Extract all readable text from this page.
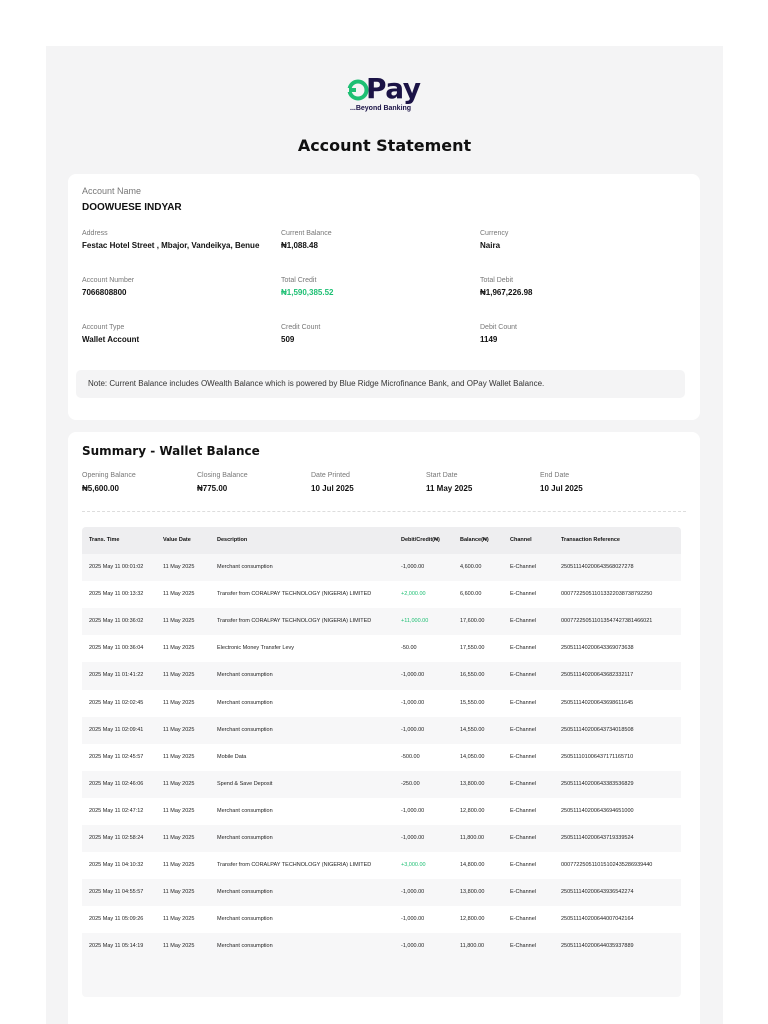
Pay
...Beyond Banking
Account Statement
Account Name
DOOWUESE INDYAR
Address
Festac Hotel Street , Mbajor, Vandeikya, Benue
Current Balance
₦1,088.48
Currency
Naira
Account Number
7066808800
Total Credit
₦1,590,385.52
Total Debit
₦1,967,226.98
Account Type
Wallet Account
Credit Count
509
Debit Count
1149
Note: Current Balance includes OWealth Balance which is powered by Blue Ridge Microfinance Bank, and OPay Wallet Balance.
Summary - Wallet Balance
Opening Balance
₦5,600.00
Closing Balance
₦775.00
Date Printed
10 Jul 2025
Start Date
11 May 2025
End Date
10 Jul 2025
Trans. Time	Value Date	Description	Debit/Credit(₦)	Balance(₦)	Channel	Transaction Reference
2025 May 11 00:01:02	11 May 2025	Merchant consumption	-1,000.00	4,600.00	E-Channel	250511140200643568027278
2025 May 11 00:13:32	11 May 2025	Transfer from CORALPAY TECHNOLOGY (NIGERIA) LIMITED	+2,000.00	6,600.00	E-Channel	000772250511013322038738792250
2025 May 11 00:36:02	11 May 2025	Transfer from CORALPAY TECHNOLOGY (NIGERIA) LIMITED	+11,000.00	17,600.00	E-Channel	000772250511013547427381466021
2025 May 11 00:36:04	11 May 2025	Electronic Money Transfer Levy	-50.00	17,550.00	E-Channel	250511140200643369073638
2025 May 11 01:41:22	11 May 2025	Merchant consumption	-1,000.00	16,550.00	E-Channel	250511140200643682332117
2025 May 11 02:02:45	11 May 2025	Merchant consumption	-1,000.00	15,550.00	E-Channel	250511140200643698611645
2025 May 11 02:09:41	11 May 2025	Merchant consumption	-1,000.00	14,550.00	E-Channel	250511140200643734018508
2025 May 11 02:45:57	11 May 2025	Mobile Data	-500.00	14,050.00	E-Channel	250511101006437171165710
2025 May 11 02:46:06	11 May 2025	Spend & Save Deposit	-250.00	13,800.00	E-Channel	250511140200643383536829
2025 May 11 02:47:12	11 May 2025	Merchant consumption	-1,000.00	12,800.00	E-Channel	250511140200643694651000
2025 May 11 02:58:24	11 May 2025	Merchant consumption	-1,000.00	11,800.00	E-Channel	250511140200643719339524
2025 May 11 04:10:32	11 May 2025	Transfer from CORALPAY TECHNOLOGY (NIGERIA) LIMITED	+3,000.00	14,800.00	E-Channel	000772250511015102435286939440
2025 May 11 04:55:57	11 May 2025	Merchant consumption	-1,000.00	13,800.00	E-Channel	250511140200643936542274
2025 May 11 05:09:26	11 May 2025	Merchant consumption	-1,000.00	12,800.00	E-Channel	250511140200644007042164
2025 May 11 05:14:19	11 May 2025	Merchant consumption	-1,000.00	11,800.00	E-Channel	250511140200644035937889
